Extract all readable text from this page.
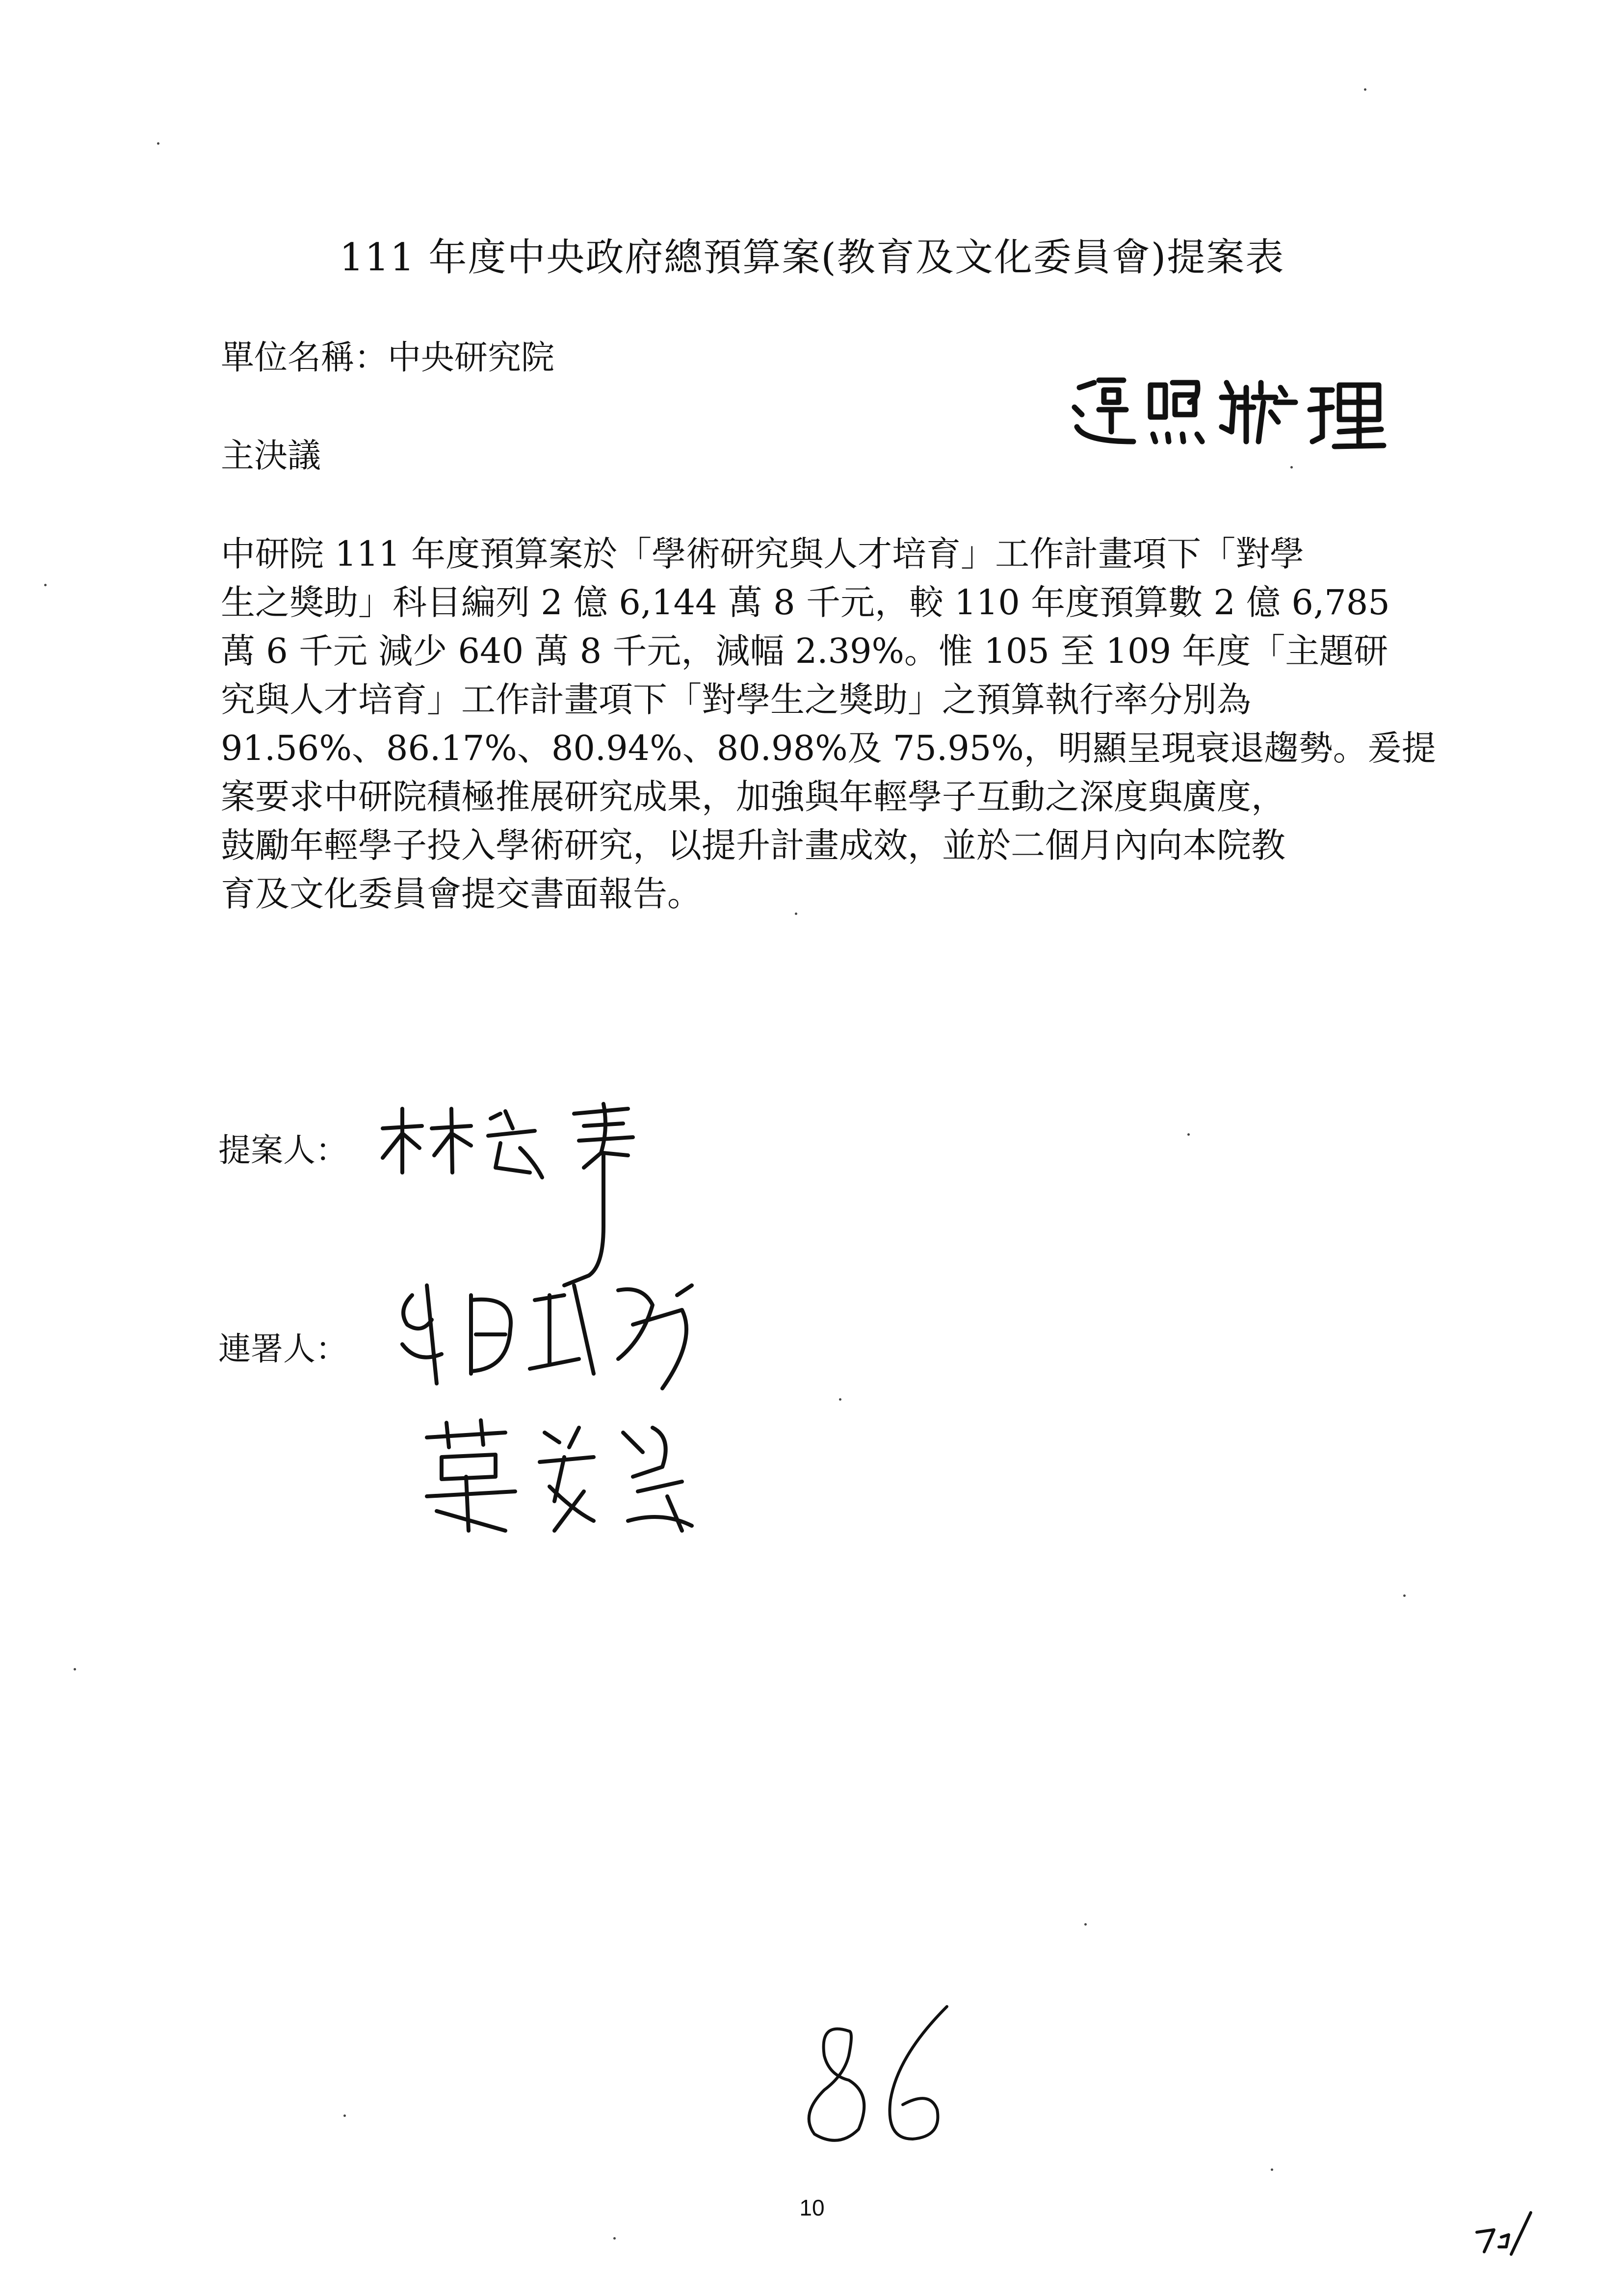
111 年度中央政府總預算案(教育及文化委員會)提案表
單位名稱：中央研究院
主決議
中研院 111 年度預算案於「學術研究與人才培育」工作計畫項下「對學
生之獎助」科目編列 2 億 6,144 萬 8 千元，較 110 年度預算數 2 億 6,785
萬 6 千元 減少 640 萬 8 千元，減幅 2.39%。惟 105 至 109 年度「主題研
究與人才培育」工作計畫項下「對學生之獎助」之預算執行率分別為
91.56%、86.17%、80.94%、80.98%及 75.95%，明顯呈現衰退趨勢。爰提
案要求中研院積極推展研究成果，加強與年輕學子互動之深度與廣度，
鼓勵年輕學子投入學術研究，以提升計畫成效，並於二個月內向本院教
育及文化委員會提交書面報告。
提案人：
連署人：
10
